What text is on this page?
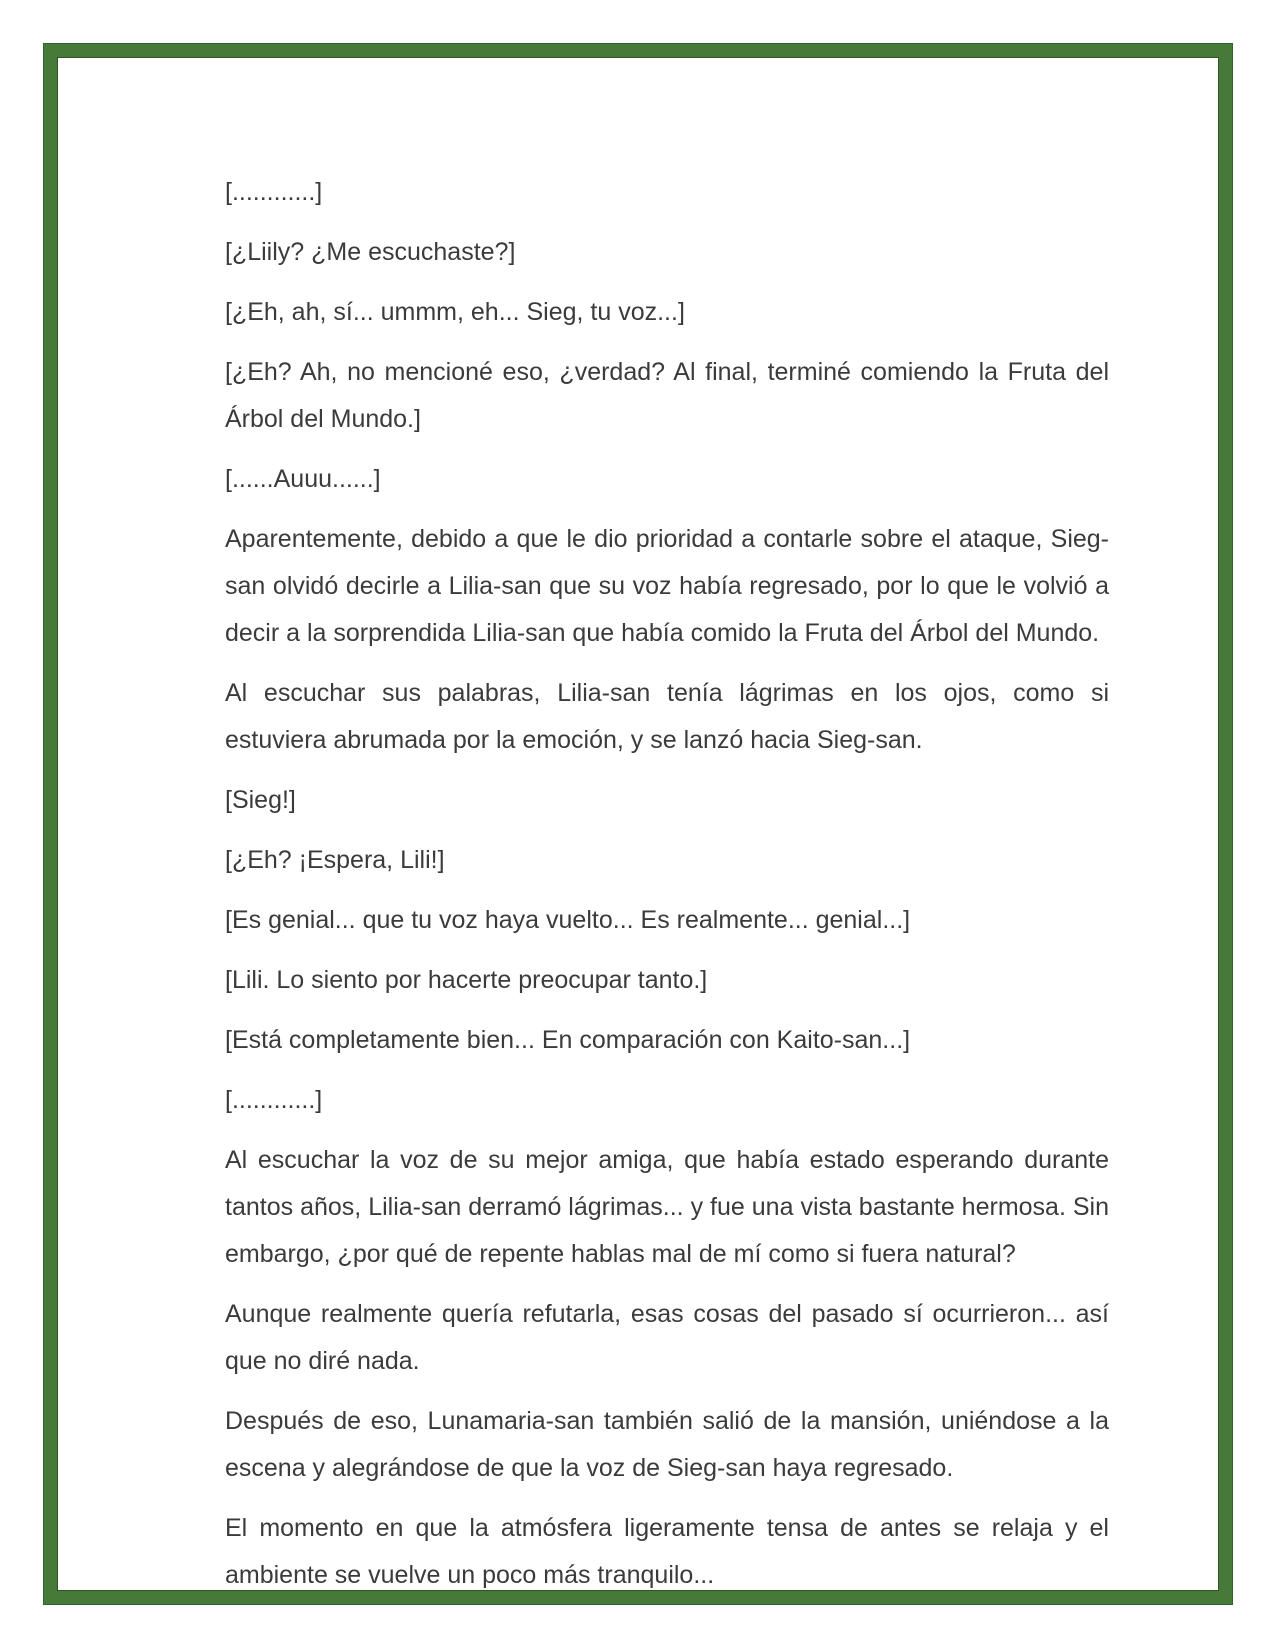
[............]

[¿Liily? ¿Me escuchaste?]

[¿Eh, ah, sí... ummm, eh... Sieg, tu voz...]

[¿Eh? Ah, no mencioné eso, ¿verdad? Al final, terminé comiendo la Fruta del Árbol del Mundo.]

[......Auuu......]

Aparentemente, debido a que le dio prioridad a contarle sobre el ataque, Sieg-san olvidó decirle a Lilia-san que su voz había regresado, por lo que le volvió a decir a la sorprendida Lilia-san que había comido la Fruta del Árbol del Mundo.

Al escuchar sus palabras, Lilia-san tenía lágrimas en los ojos, como si estuviera abrumada por la emoción, y se lanzó hacia Sieg-san.

[Sieg!]

[¿Eh? ¡Espera, Lili!]

[Es genial... que tu voz haya vuelto... Es realmente... genial...]

[Lili. Lo siento por hacerte preocupar tanto.]

[Está completamente bien... En comparación con Kaito-san...]

[............]

Al escuchar la voz de su mejor amiga, que había estado esperando durante tantos años, Lilia-san derramó lágrimas... y fue una vista bastante hermosa. Sin embargo, ¿por qué de repente hablas mal de mí como si fuera natural?

Aunque realmente quería refutarla, esas cosas del pasado sí ocurrieron... así que no diré nada.

Después de eso, Lunamaria-san también salió de la mansión, uniéndose a la escena y alegrándose de que la voz de Sieg-san haya regresado.

El momento en que la atmósfera ligeramente tensa de antes se relaja y el ambiente se vuelve un poco más tranquilo...
